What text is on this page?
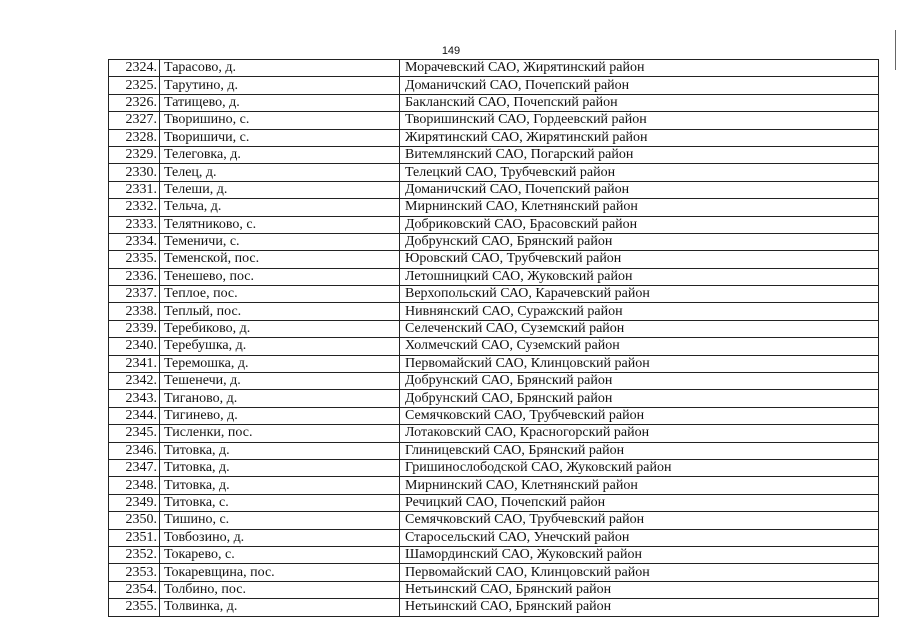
149
2324.	Тарасово, д.	Морачевский САО, Жирятинский район
2325.	Тарутино, д.	Доманичский САО, Почепский район
2326.	Татищево, д.	Бакланский САО, Почепский район
2327.	Творишино, с.	Творишинский САО, Гордеевский район
2328.	Творишичи, с.	Жирятинский САО, Жирятинский район
2329.	Телеговка, д.	Витемлянский САО, Погарский район
2330.	Телец, д.	Телецкий САО, Трубчевский район
2331.	Телеши, д.	Доманичский САО, Почепский район
2332.	Тельча, д.	Мирнинский САО, Клетнянский район
2333.	Телятниково, с.	Добриковский САО, Брасовский район
2334.	Теменичи, с.	Добрунский САО, Брянский район
2335.	Теменской, пос.	Юровский САО, Трубчевский район
2336.	Тенешево, пос.	Летошницкий САО, Жуковский район
2337.	Теплое, пос.	Верхопольский САО, Карачевский район
2338.	Теплый, пос.	Нивнянский САО, Суражский район
2339.	Теребиково, д.	Селеченский САО, Суземский район
2340.	Теребушка, д.	Холмечский САО, Суземский район
2341.	Теремошка, д.	Первомайский САО, Клинцовский район
2342.	Тешенечи, д.	Добрунский САО, Брянский район
2343.	Тиганово, д.	Добрунский САО, Брянский район
2344.	Тигинево, д.	Семячковский САО, Трубчевский район
2345.	Тисленки, пос.	Лотаковский САО, Красногорский район
2346.	Титовка, д.	Глиницевский САО, Брянский район
2347.	Титовка, д.	Гришинослободской САО, Жуковский район
2348.	Титовка, д.	Мирнинский САО, Клетнянский район
2349.	Титовка, с.	Речицкий САО, Почепский район
2350.	Тишино, с.	Семячковский САО, Трубчевский район
2351.	Товбозино, д.	Старосельский САО, Унечский район
2352.	Токарево, с.	Шамординский САО, Жуковский район
2353.	Токаревщина, пос.	Первомайский САО, Клинцовский район
2354.	Толбино, пос.	Нетьинский САО, Брянский район
2355.	Толвинка, д.	Нетьинский САО, Брянский район
